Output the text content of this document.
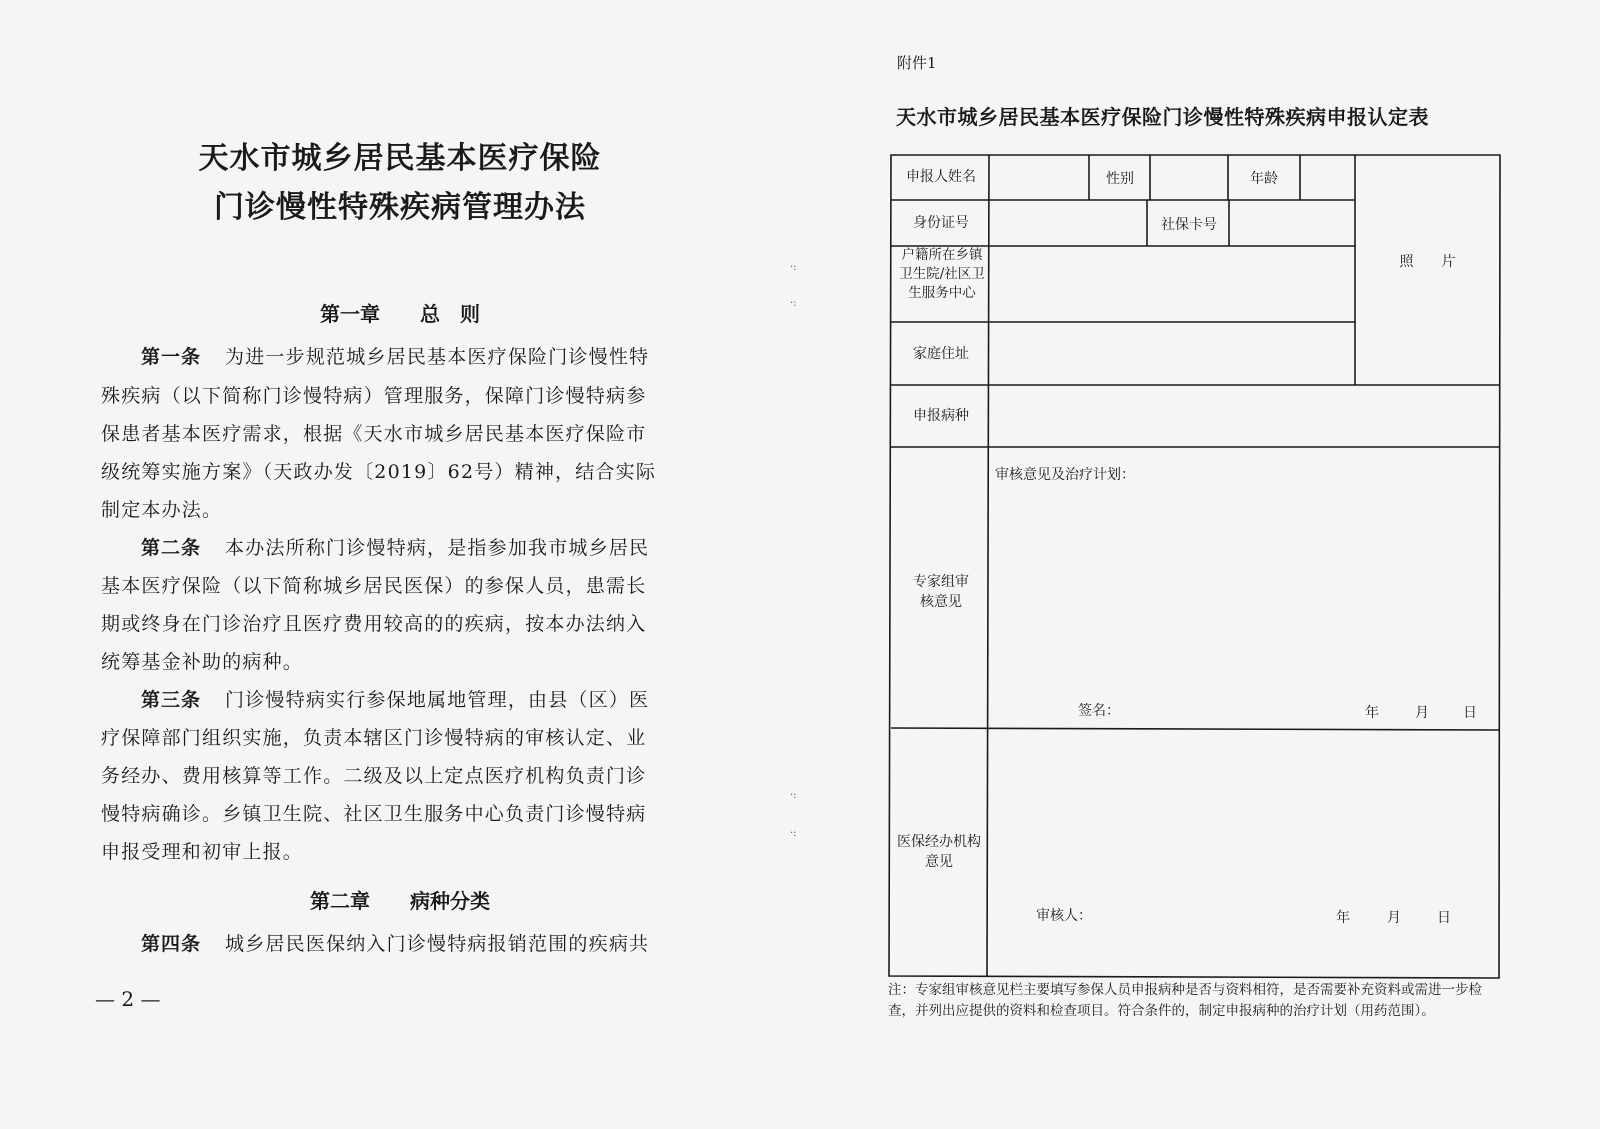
天水市城乡居民基本医疗保险
门诊慢性特殊疾病管理办法
第一章 总　则
第一条 为进一步规范城乡居民基本医疗保险门诊慢性特
殊疾病（以下简称门诊慢特病）管理服务，保障门诊慢特病参
保患者基本医疗需求，根据《天水市城乡居民基本医疗保险市
级统筹实施方案》（天政办发〔2019〕62号）精神，结合实际
制定本办法。
第二条 本办法所称门诊慢特病，是指参加我市城乡居民
基本医疗保险（以下简称城乡居民医保）的参保人员，患需长
期或终身在门诊治疗且医疗费用较高的的疾病，按本办法纳入
统筹基金补助的病种。
第三条 门诊慢特病实行参保地属地管理，由县（区）医
疗保障部门组织实施，负责本辖区门诊慢特病的审核认定、业
务经办、费用核算等工作。二级及以上定点医疗机构负责门诊
慢特病确诊。乡镇卫生院、社区卫生服务中心负责门诊慢特病
申报受理和初审上报。
第二章 病种分类
第四条 城乡居民医保纳入门诊慢特病报销范围的疾病共
— 2 —
·:
·:
·:
·:
附件1
天水市城乡居民基本医疗保险门诊慢性特殊疾病申报认定表
申报人姓名	性别	年龄
照　　片
身份证号	社保卡号
户籍所在乡镇卫生院/社区卫生服务中心
家庭住址
申报病种
专家组审核意见
审核意见及治疗计划：
签名：	年	月 日
医保经办机构意见
审核人：	年	月	日
注：专家组审核意见栏主要填写参保人员申报病种是否与资料相符，是否需要补充资料或需进一步检查，并列出应提供的资料和检查项目。符合条件的，制定申报病种的治疗计划（用药范围）。
